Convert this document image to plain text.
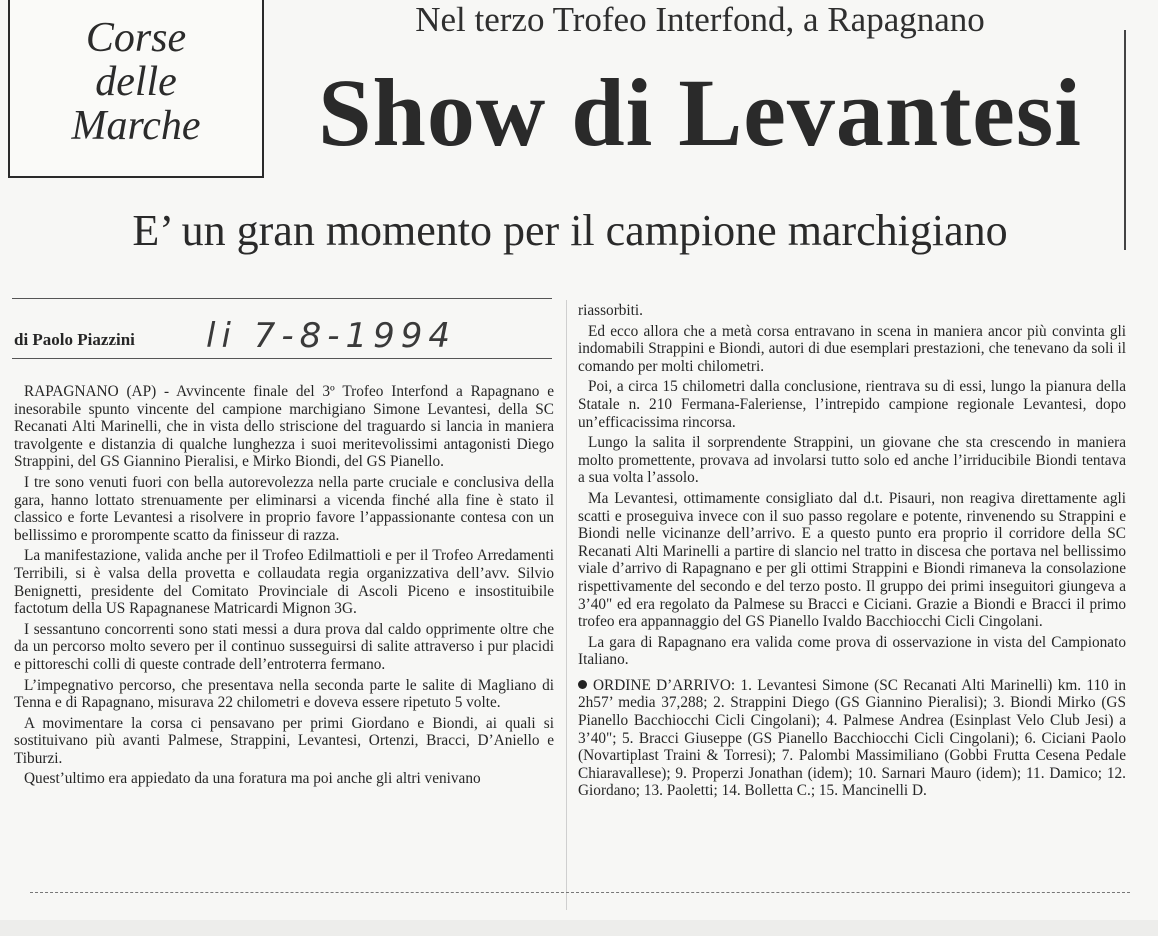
Corse
delle
Marche
Nel terzo Trofeo Interfond, a Rapagnano
Show di Levantesi
E’ un gran momento per il campione marchigiano
di Paolo Piazzini li 7-8-1994

RAPAGNANO (AP) - Avvincente finale del 3º Trofeo Interfond a Rapagnano e inesorabile spunto vincente del campione marchigiano Simone Levantesi, della SC Recanati Alti Marinelli, che in vista dello striscione del traguardo si lancia in maniera travolgente e distanzia di qualche lunghezza i suoi meritevolissimi antagonisti Diego Strappini, del GS Giannino Pieralisi, e Mirko Biondi, del GS Pianello.

I tre sono venuti fuori con bella autorevolezza nella parte cruciale e conclusiva della gara, hanno lottato strenuamente per eliminarsi a vicenda finché alla fine è stato il classico e forte Levantesi a risolvere in proprio favore l’appassionante contesa con un bellissimo e prorompente scatto da finisseur di razza.

La manifestazione, valida anche per il Trofeo Edilmattioli e per il Trofeo Arredamenti Terribili, si è valsa della provetta e collaudata regia organizzativa dell’avv. Silvio Benignetti, presidente del Comitato Provinciale di Ascoli Piceno e insostituibile factotum della US Rapagnanese Matricardi Mignon 3G.

I sessantuno concorrenti sono stati messi a dura prova dal caldo opprimente oltre che da un percorso molto severo per il continuo susseguirsi di salite attraverso i pur placidi e pittoreschi colli di queste contrade dell’entroterra fermano.

L’impegnativo percorso, che presentava nella seconda parte le salite di Magliano di Tenna e di Rapagnano, misurava 22 chilometri e doveva essere ripetuto 5 volte.

A movimentare la corsa ci pensavano per primi Giordano e Biondi, ai quali si sostituivano più avanti Palmese, Strappini, Levantesi, Ortenzi, Bracci, D’Aniello e Tiburzi.

Quest’ultimo era appiedato da una foratura ma poi anche gli altri venivano

riassorbiti.

Ed ecco allora che a metà corsa entravano in scena in maniera ancor più convinta gli indomabili Strappini e Biondi, autori di due esemplari prestazioni, che tenevano da soli il comando per molti chilometri.

Poi, a circa 15 chilometri dalla conclusione, rientrava su di essi, lungo la pianura della Statale n. 210 Fermana-Faleriense, l’intrepido campione regionale Levantesi, dopo un’efficacissima rincorsa.

Lungo la salita il sorprendente Strappini, un giovane che sta crescendo in maniera molto promettente, provava ad involarsi tutto solo ed anche l’irriducibile Biondi tentava a sua volta l’assolo.

Ma Levantesi, ottimamente consigliato dal d.t. Pisauri, non reagiva direttamente agli scatti e proseguiva invece con il suo passo regolare e potente, rinvenendo su Strappini e Biondi nelle vicinanze dell’arrivo. E a questo punto era proprio il corridore della SC Recanati Alti Marinelli a partire di slancio nel tratto in discesa che portava nel bellissimo viale d’arrivo di Rapagnano e per gli ottimi Strappini e Biondi rimaneva la consolazione rispettivamente del secondo e del terzo posto. Il gruppo dei primi inseguitori giungeva a 3’40" ed era regolato da Palmese su Bracci e Ciciani. Grazie a Biondi e Bracci il primo trofeo era appannaggio del GS Pianello Ivaldo Bacchiocchi Cicli Cingolani.

La gara di Rapagnano era valida come prova di osservazione in vista del Campionato Italiano.

ORDINE D’ARRIVO: 1. Levantesi Simone (SC Recanati Alti Marinelli) km. 110 in 2h57’ media 37,288; 2. Strappini Diego (GS Giannino Pieralisi); 3. Biondi Mirko (GS Pianello Bacchiocchi Cicli Cingolani); 4. Palmese Andrea (Esinplast Velo Club Jesi) a 3’40"; 5. Bracci Giuseppe (GS Pianello Bacchiocchi Cicli Cingolani); 6. Ciciani Paolo (Novartiplast Traini & Torresi); 7. Palombi Massimiliano (Gobbi Frutta Cesena Pedale Chiaravallese); 9. Properzi Jonathan (idem); 10. Sarnari Mauro (idem); 11. Damico; 12. Giordano; 13. Paoletti; 14. Bolletta C.; 15. Mancinelli D.
